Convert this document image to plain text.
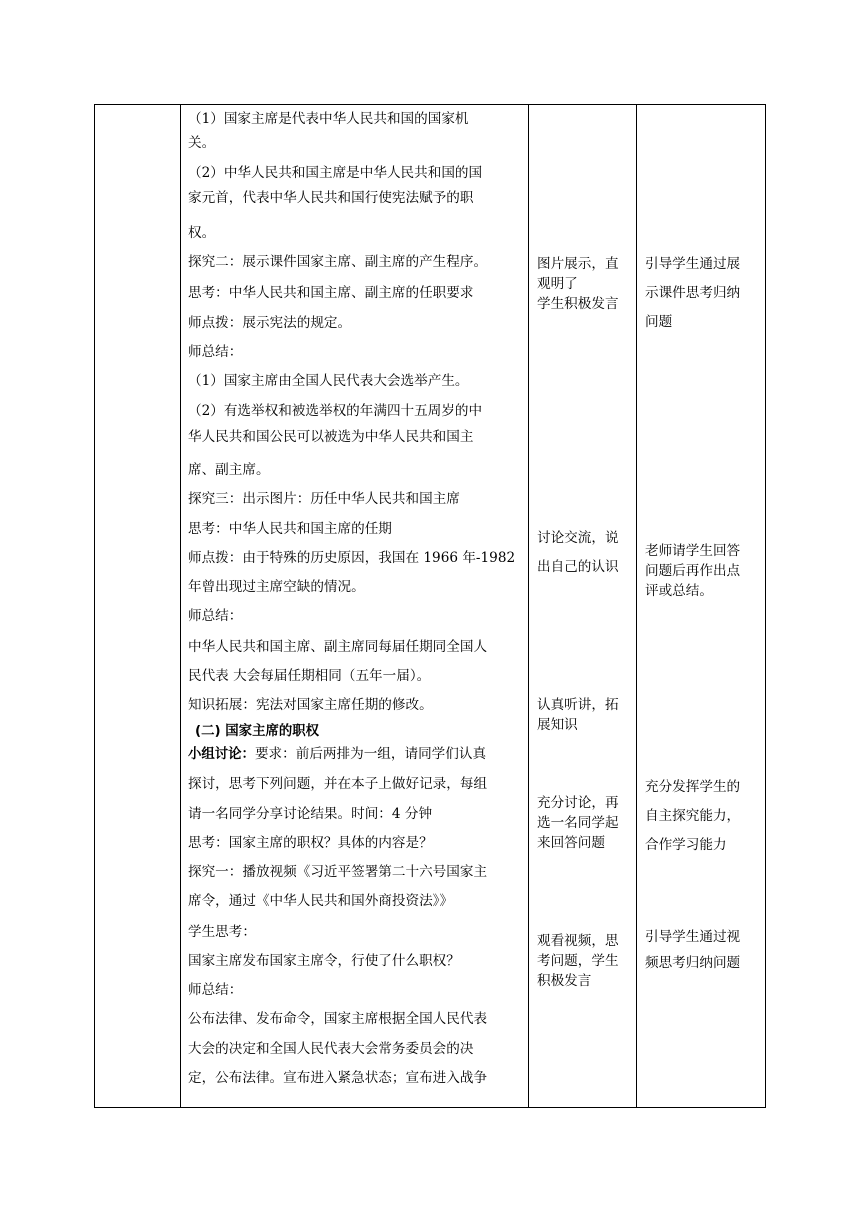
（1）国家主席是代表中华人民共和国的国家机
关。
（2）中华人民共和国主席是中华人民共和国的国
家元首，代表中华人民共和国行使宪法赋予的职
权。
探究二：展示课件国家主席、副主席的产生程序。
思考：中华人民共和国主席、副主席的任职要求
师点拨：展示宪法的规定。
师总结：
（1）国家主席由全国人民代表大会选举产生。
（2）有选举权和被选举权的年满四十五周岁的中
华人民共和国公民可以被选为中华人民共和国主
席、副主席。
探究三：出示图片：历任中华人民共和国主席
思考：中华人民共和国主席的任期
师点拨：由于特殊的历史原因，我国在 1966 年-1982
年曾出现过主席空缺的情况。
师总结：
中华人民共和国主席、副主席同每届任期同全国人
民代表 大会每届任期相同（五年一届）。
知识拓展：宪法对国家主席任期的修改。
(二) 国家主席的职权
小组讨论：要求：前后两排为一组，请同学们认真
探讨，思考下列问题，并在本子上做好记录，每组
请一名同学分享讨论结果。时间：4 分钟
思考：国家主席的职权？具体的内容是？
探究一：播放视频《习近平签署第二十六号国家主
席令，通过《中华人民共和国外商投资法》》
学生思考：
国家主席发布国家主席令，行使了什么职权？
师总结：
公布法律、发布命令，国家主席根据全国人民代表
大会的决定和全国人民代表大会常务委员会的决
定，公布法律。宣布进入紧急状态；宣布进入战争
图片展示，直
观明了
学生积极发言
讨论交流，说
出自己的认识
认真听讲，拓
展知识
充分讨论，再
选一名同学起
来回答问题
观看视频，思
考问题，学生
积极发言
引导学生通过展
示课件思考归纳
问题
老师请学生回答
问题后再作出点
评或总结。
充分发挥学生的
自主探究能力，
合作学习能力
引导学生通过视
频思考归纳问题
